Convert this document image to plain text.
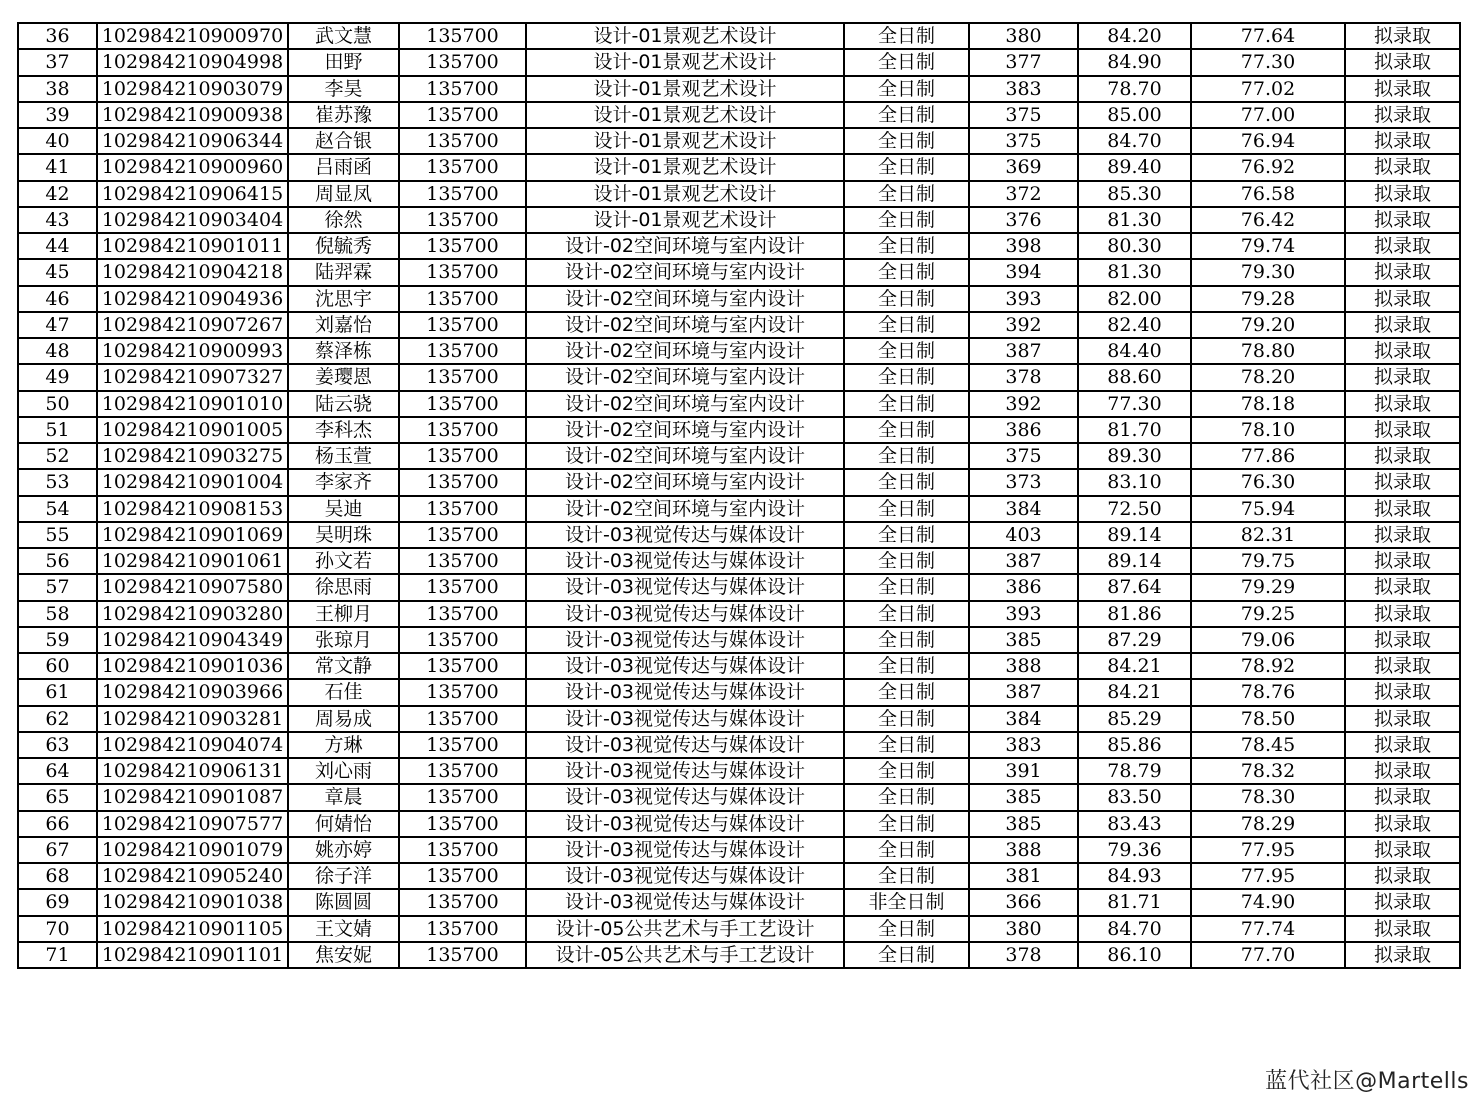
36	102984210900970	武文慧	135700	设计-01景观艺术设计	全日制	380	84.20	77.64	拟录取
37	102984210904998	田野	135700	设计-01景观艺术设计	全日制	377	84.90	77.30	拟录取
38	102984210903079	李昊	135700	设计-01景观艺术设计	全日制	383	78.70	77.02	拟录取
39	102984210900938	崔苏豫	135700	设计-01景观艺术设计	全日制	375	85.00	77.00	拟录取
40	102984210906344	赵合银	135700	设计-01景观艺术设计	全日制	375	84.70	76.94	拟录取
41	102984210900960	吕雨函	135700	设计-01景观艺术设计	全日制	369	89.40	76.92	拟录取
42	102984210906415	周显凤	135700	设计-01景观艺术设计	全日制	372	85.30	76.58	拟录取
43	102984210903404	徐然	135700	设计-01景观艺术设计	全日制	376	81.30	76.42	拟录取
44	102984210901011	倪毓秀	135700	设计-02空间环境与室内设计	全日制	398	80.30	79.74	拟录取
45	102984210904218	陆羿霖	135700	设计-02空间环境与室内设计	全日制	394	81.30	79.30	拟录取
46	102984210904936	沈思宇	135700	设计-02空间环境与室内设计	全日制	393	82.00	79.28	拟录取
47	102984210907267	刘嘉怡	135700	设计-02空间环境与室内设计	全日制	392	82.40	79.20	拟录取
48	102984210900993	蔡泽栋	135700	设计-02空间环境与室内设计	全日制	387	84.40	78.80	拟录取
49	102984210907327	姜璎恩	135700	设计-02空间环境与室内设计	全日制	378	88.60	78.20	拟录取
50	102984210901010	陆云骁	135700	设计-02空间环境与室内设计	全日制	392	77.30	78.18	拟录取
51	102984210901005	李科杰	135700	设计-02空间环境与室内设计	全日制	386	81.70	78.10	拟录取
52	102984210903275	杨玉萱	135700	设计-02空间环境与室内设计	全日制	375	89.30	77.86	拟录取
53	102984210901004	李家齐	135700	设计-02空间环境与室内设计	全日制	373	83.10	76.30	拟录取
54	102984210908153	吴迪	135700	设计-02空间环境与室内设计	全日制	384	72.50	75.94	拟录取
55	102984210901069	吴明珠	135700	设计-03视觉传达与媒体设计	全日制	403	89.14	82.31	拟录取
56	102984210901061	孙文若	135700	设计-03视觉传达与媒体设计	全日制	387	89.14	79.75	拟录取
57	102984210907580	徐思雨	135700	设计-03视觉传达与媒体设计	全日制	386	87.64	79.29	拟录取
58	102984210903280	王柳月	135700	设计-03视觉传达与媒体设计	全日制	393	81.86	79.25	拟录取
59	102984210904349	张琼月	135700	设计-03视觉传达与媒体设计	全日制	385	87.29	79.06	拟录取
60	102984210901036	常文静	135700	设计-03视觉传达与媒体设计	全日制	388	84.21	78.92	拟录取
61	102984210903966	石佳	135700	设计-03视觉传达与媒体设计	全日制	387	84.21	78.76	拟录取
62	102984210903281	周易成	135700	设计-03视觉传达与媒体设计	全日制	384	85.29	78.50	拟录取
63	102984210904074	方琳	135700	设计-03视觉传达与媒体设计	全日制	383	85.86	78.45	拟录取
64	102984210906131	刘心雨	135700	设计-03视觉传达与媒体设计	全日制	391	78.79	78.32	拟录取
65	102984210901087	章晨	135700	设计-03视觉传达与媒体设计	全日制	385	83.50	78.30	拟录取
66	102984210907577	何婧怡	135700	设计-03视觉传达与媒体设计	全日制	385	83.43	78.29	拟录取
67	102984210901079	姚亦婷	135700	设计-03视觉传达与媒体设计	全日制	388	79.36	77.95	拟录取
68	102984210905240	徐子洋	135700	设计-03视觉传达与媒体设计	全日制	381	84.93	77.95	拟录取
69	102984210901038	陈圆圆	135700	设计-03视觉传达与媒体设计	非全日制	366	81.71	74.90	拟录取
70	102984210901105	王文婧	135700	设计-05公共艺术与手工艺设计	全日制	380	84.70	77.74	拟录取
71	102984210901101	焦安妮	135700	设计-05公共艺术与手工艺设计	全日制	378	86.10	77.70	拟录取
蓝代社区@Martells
